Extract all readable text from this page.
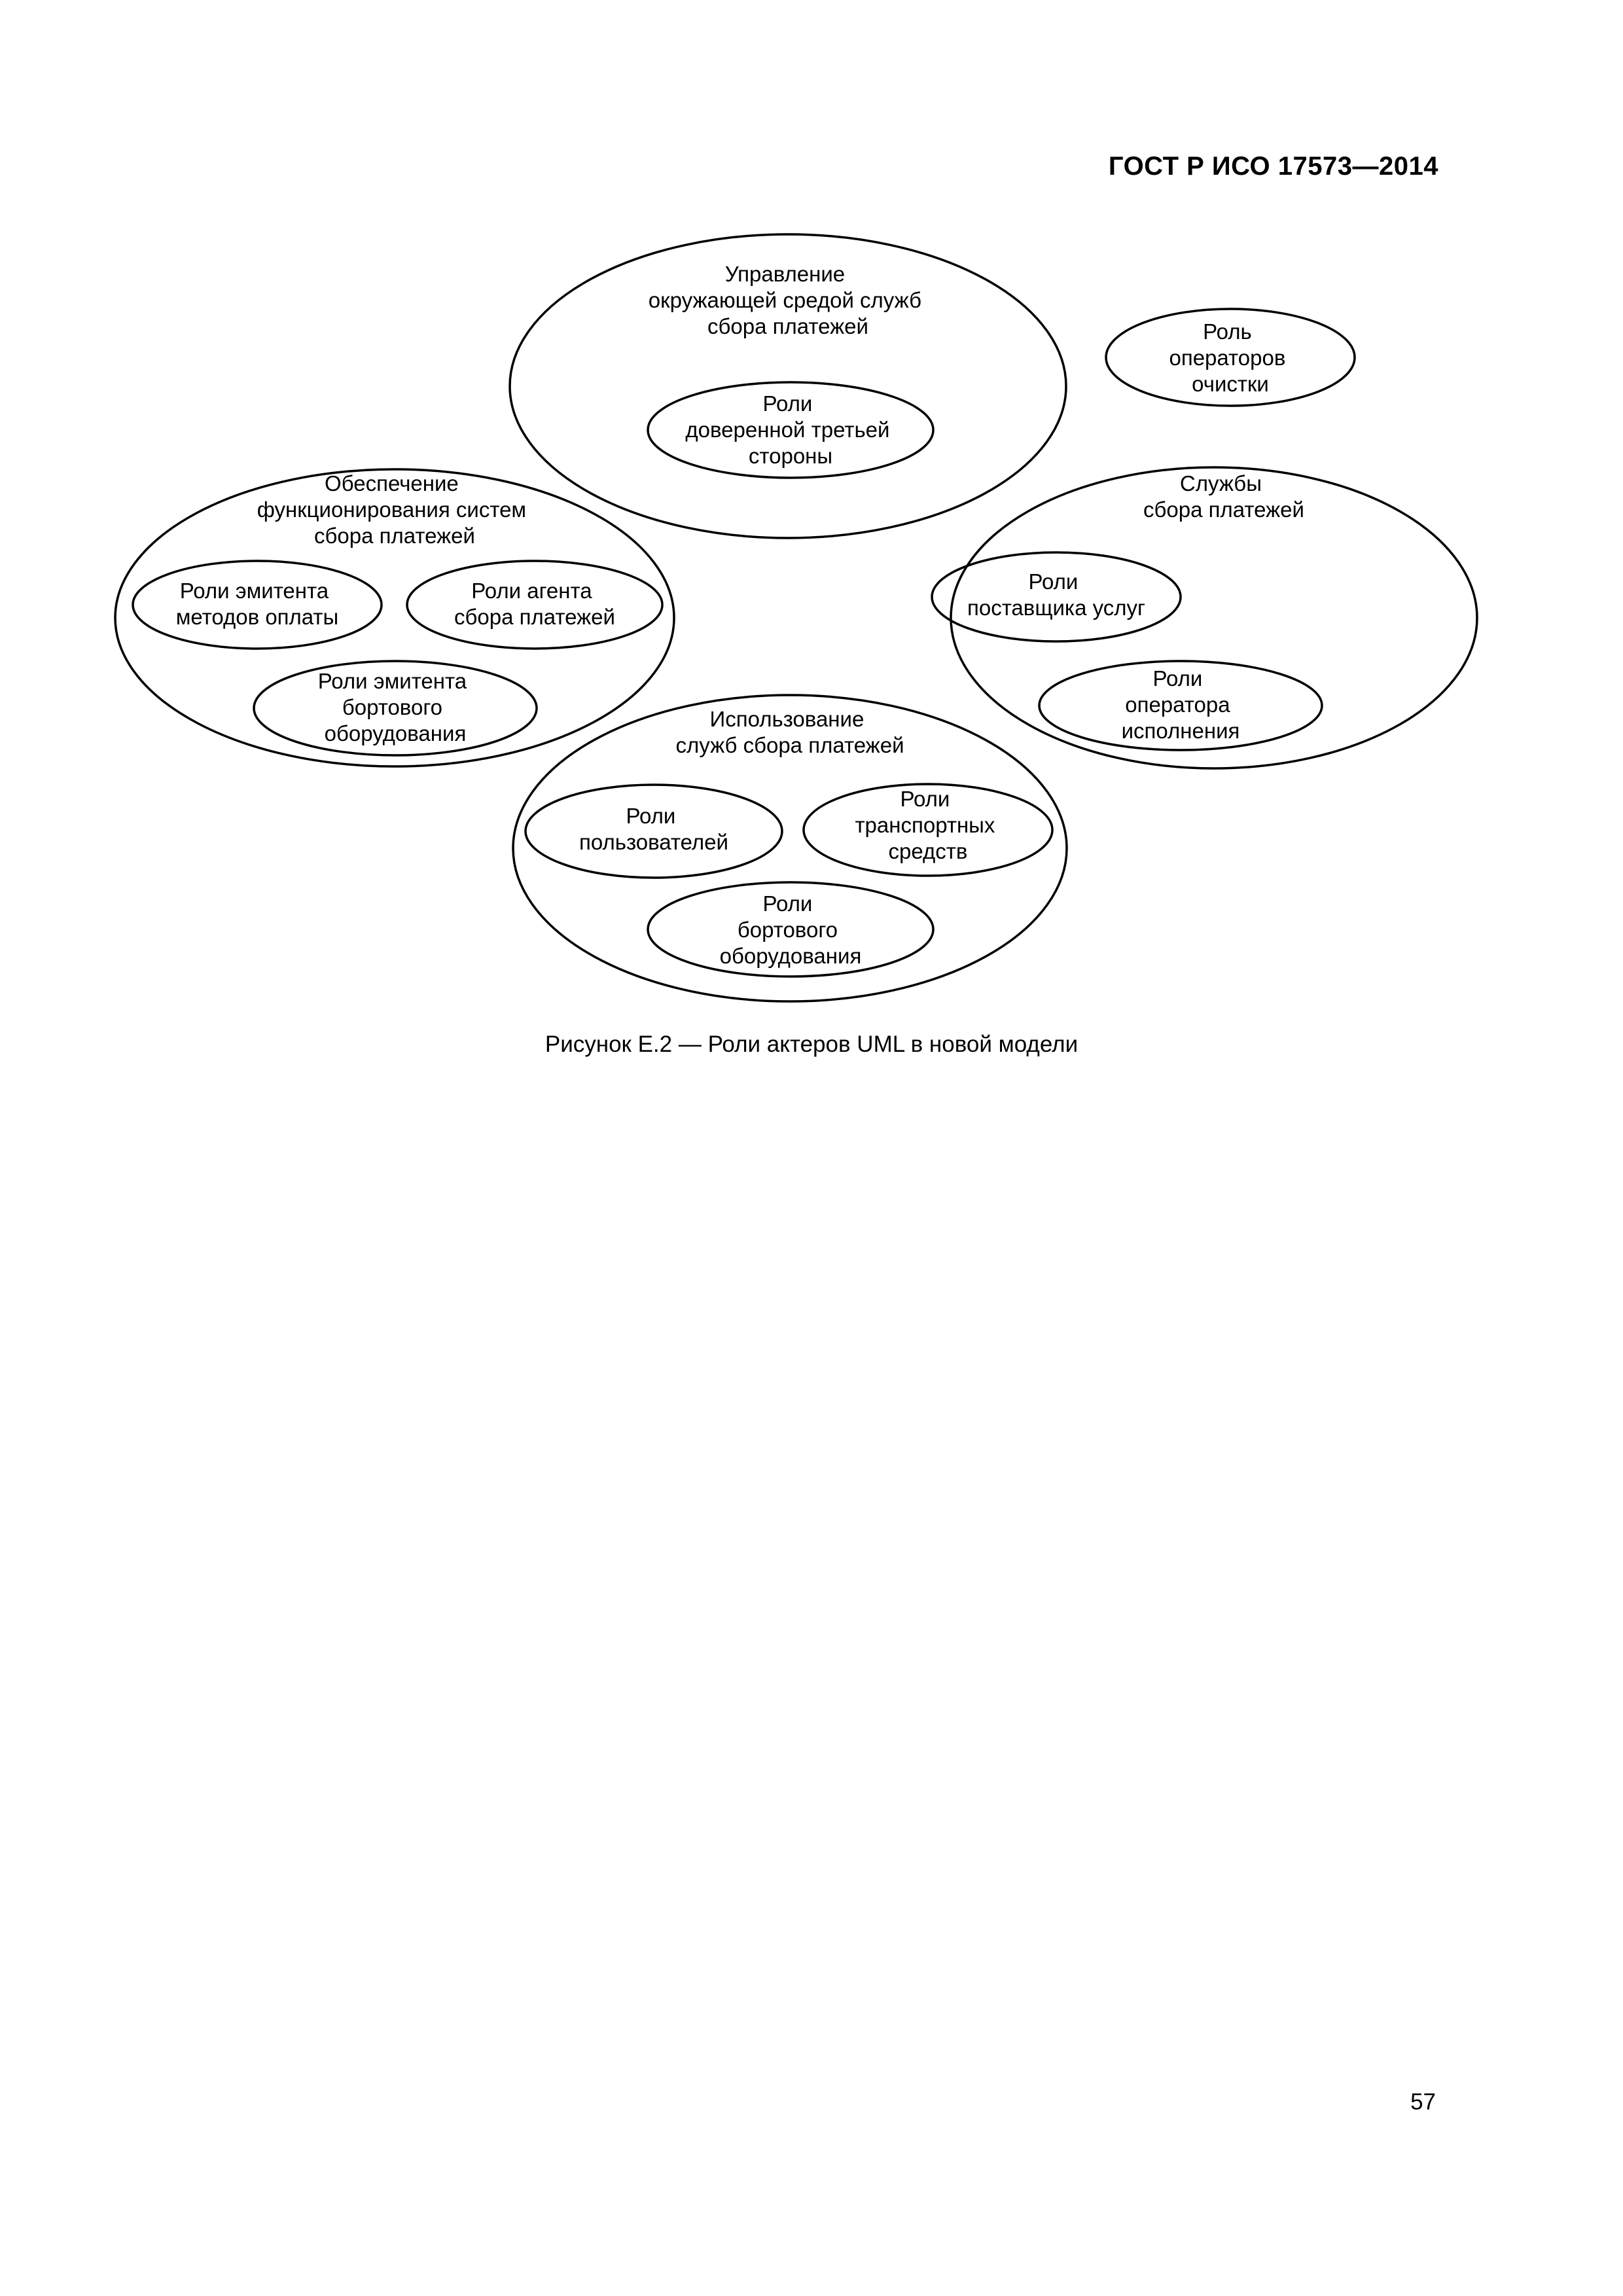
ГОСТ Р ИСО 17573—2014
Управление окружающей средой служб сбора платежей
Роли доверенной третьей стороны
Роль операторов очистки
Обеспечение функционирования систем сбора платежей
Роли эмитента методов оплаты
Роли агента сбора платежей
Роли эмитента бортового оборудования
Службы сбора платежей
Роли поставщика услуг
Роли оператора исполнения
Использование служб сбора платежей
Роли пользователей
Роли транспортных средств
Роли бортового оборудования
Рисунок Е.2 — Роли актеров UML в новой модели
57
